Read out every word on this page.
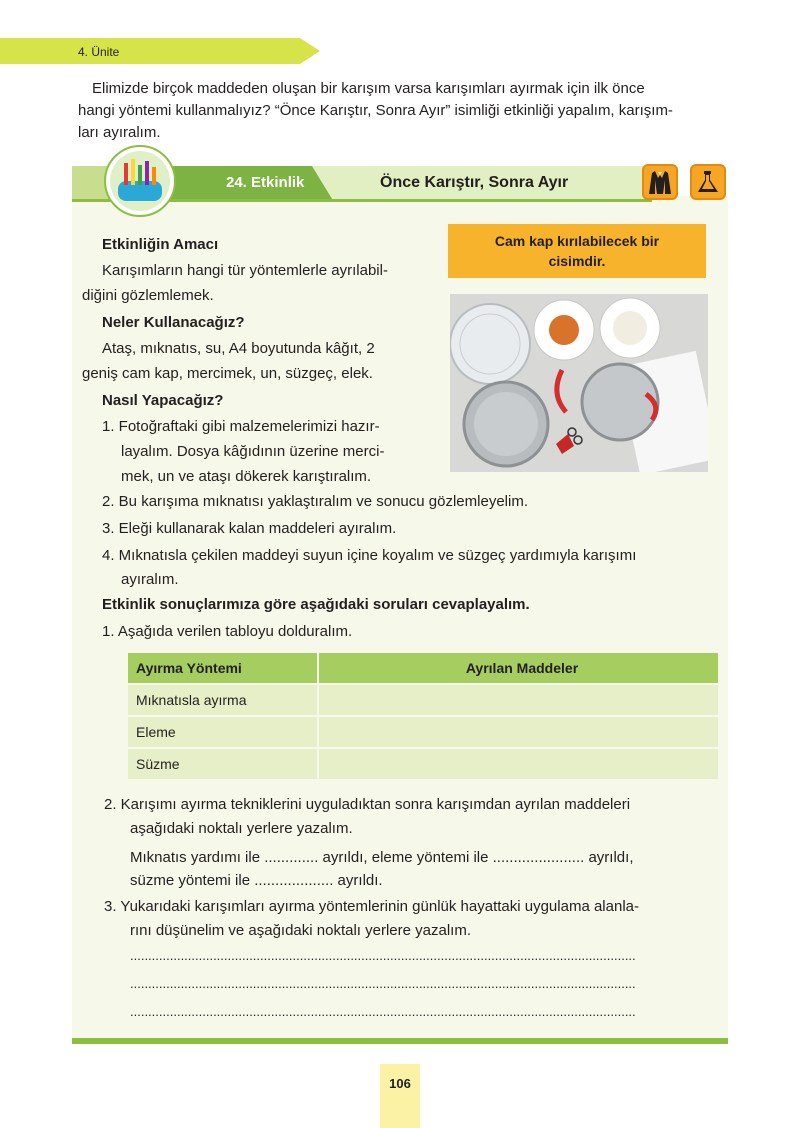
4. Ünite
Elimizde birçok maddeden oluşan bir karışım varsa karışımları ayırmak için ilk önce
hangi yöntemi kullanmalıyız? “Önce Karıştır, Sonra Ayır” isimliği etkinliği yapalım, karışım-
ları ayıralım.
24. Etkinlik	Önce Karıştır, Sonra Ayır
Cam kap kırılabilecek bir
cisimdir.
Etkinliğin Amacı
Karışımların hangi tür yöntemlerle ayrılabil-
diğini gözlemlemek.
Neler Kullanacağız?
Ataş, mıknatıs, su, A4 boyutunda kâğıt, 2
geniş cam kap, mercimek, un, süzgeç, elek.
Nasıl Yapacağız?
1. Fotoğraftaki gibi malzemelerimizi hazır-
layalım. Dosya kâğıdının üzerine merci-
mek, un ve ataşı dökerek karıştıralım.
2. Bu karışıma mıknatısı yaklaştıralım ve sonucu gözlemleyelim.
3. Eleği kullanarak kalan maddeleri ayıralım.
4. Mıknatısla çekilen maddeyi suyun içine koyalım ve süzgeç yardımıyla karışımı
ayıralım.
Etkinlik sonuçlarımıza göre aşağıdaki soruları cevaplayalım.
1. Aşağıda verilen tabloyu dolduralım.
Ayırma Yöntemi	Ayrılan Maddeler
Mıknatısla ayırma	
Eleme	
Süzme	
2. Karışımı ayırma tekniklerini uyguladıktan sonra karışımdan ayrılan maddeleri
aşağıdaki noktalı yerlere yazalım.
Mıknatıs yardımı ile ............. ayrıldı, eleme yöntemi ile ...................... ayrıldı,
süzme yöntemi ile ................... ayrıldı.
3. Yukarıdaki karışımları ayırma yöntemlerinin günlük hayattaki uygulama alanla-
rını düşünelim ve aşağıdaki noktalı yerlere yazalım.
............................................................................................................................................
............................................................................................................................................
............................................................................................................................................
106
